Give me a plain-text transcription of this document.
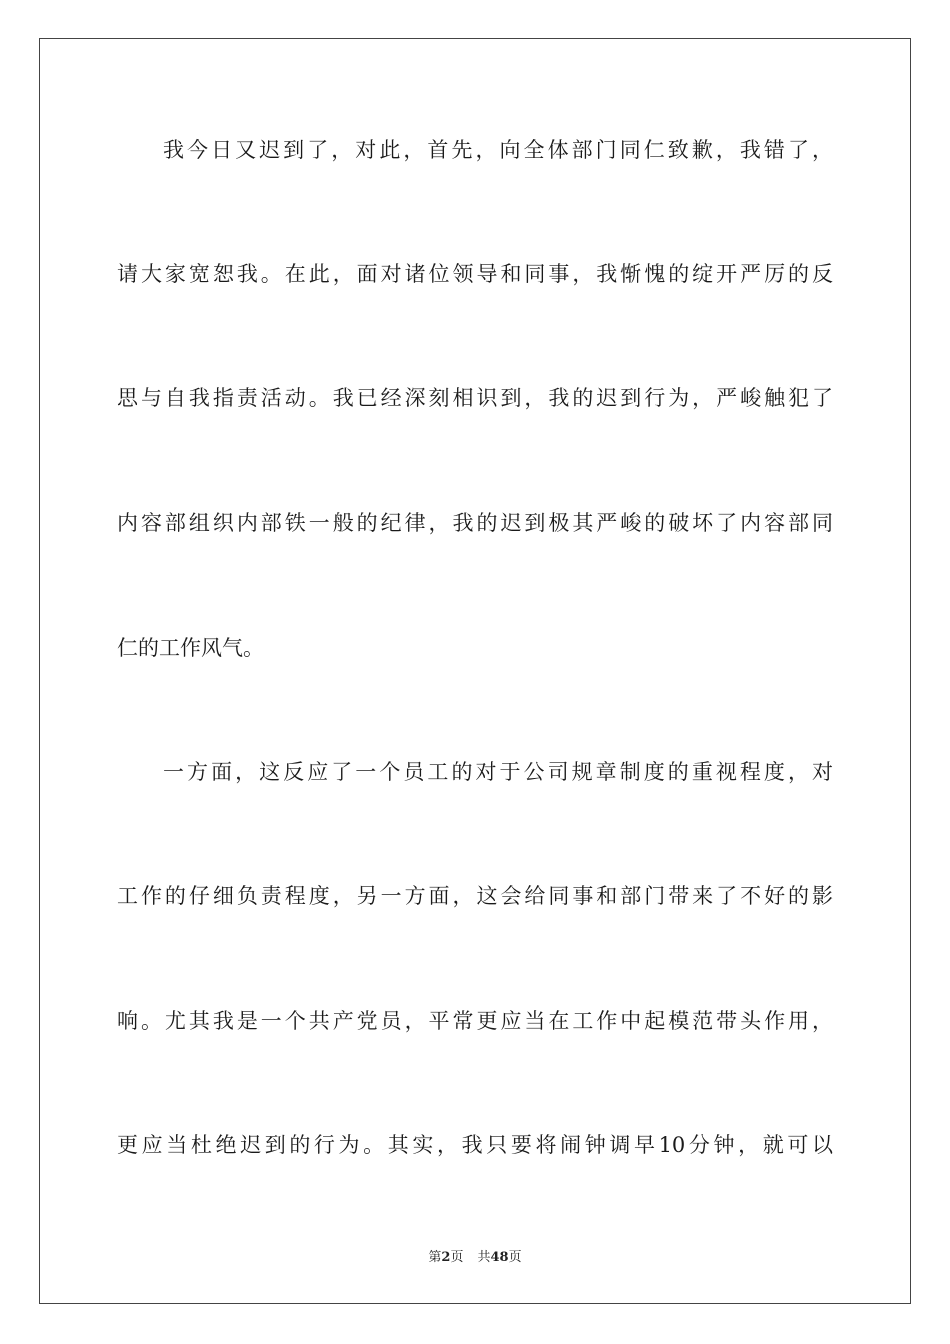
我今日又迟到了，对此，首先，向全体部门同仁致歉，我错了，
请大家宽恕我。在此，面对诸位领导和同事，我惭愧的绽开严厉的反
思与自我指责活动。我已经深刻相识到，我的迟到行为，严峻触犯了
内容部组织内部铁一般的纪律，我的迟到极其严峻的破坏了内容部同
仁的工作风气。
一方面，这反应了一个员工的对于公司规章制度的重视程度，对
工作的仔细负责程度，另一方面，这会给同事和部门带来了不好的影
响。尤其我是一个共产党员，平常更应当在工作中起模范带头作用，
更应当杜绝迟到的行为。其实，我只要将闹钟调早10分钟，就可以
第2页 共48页
